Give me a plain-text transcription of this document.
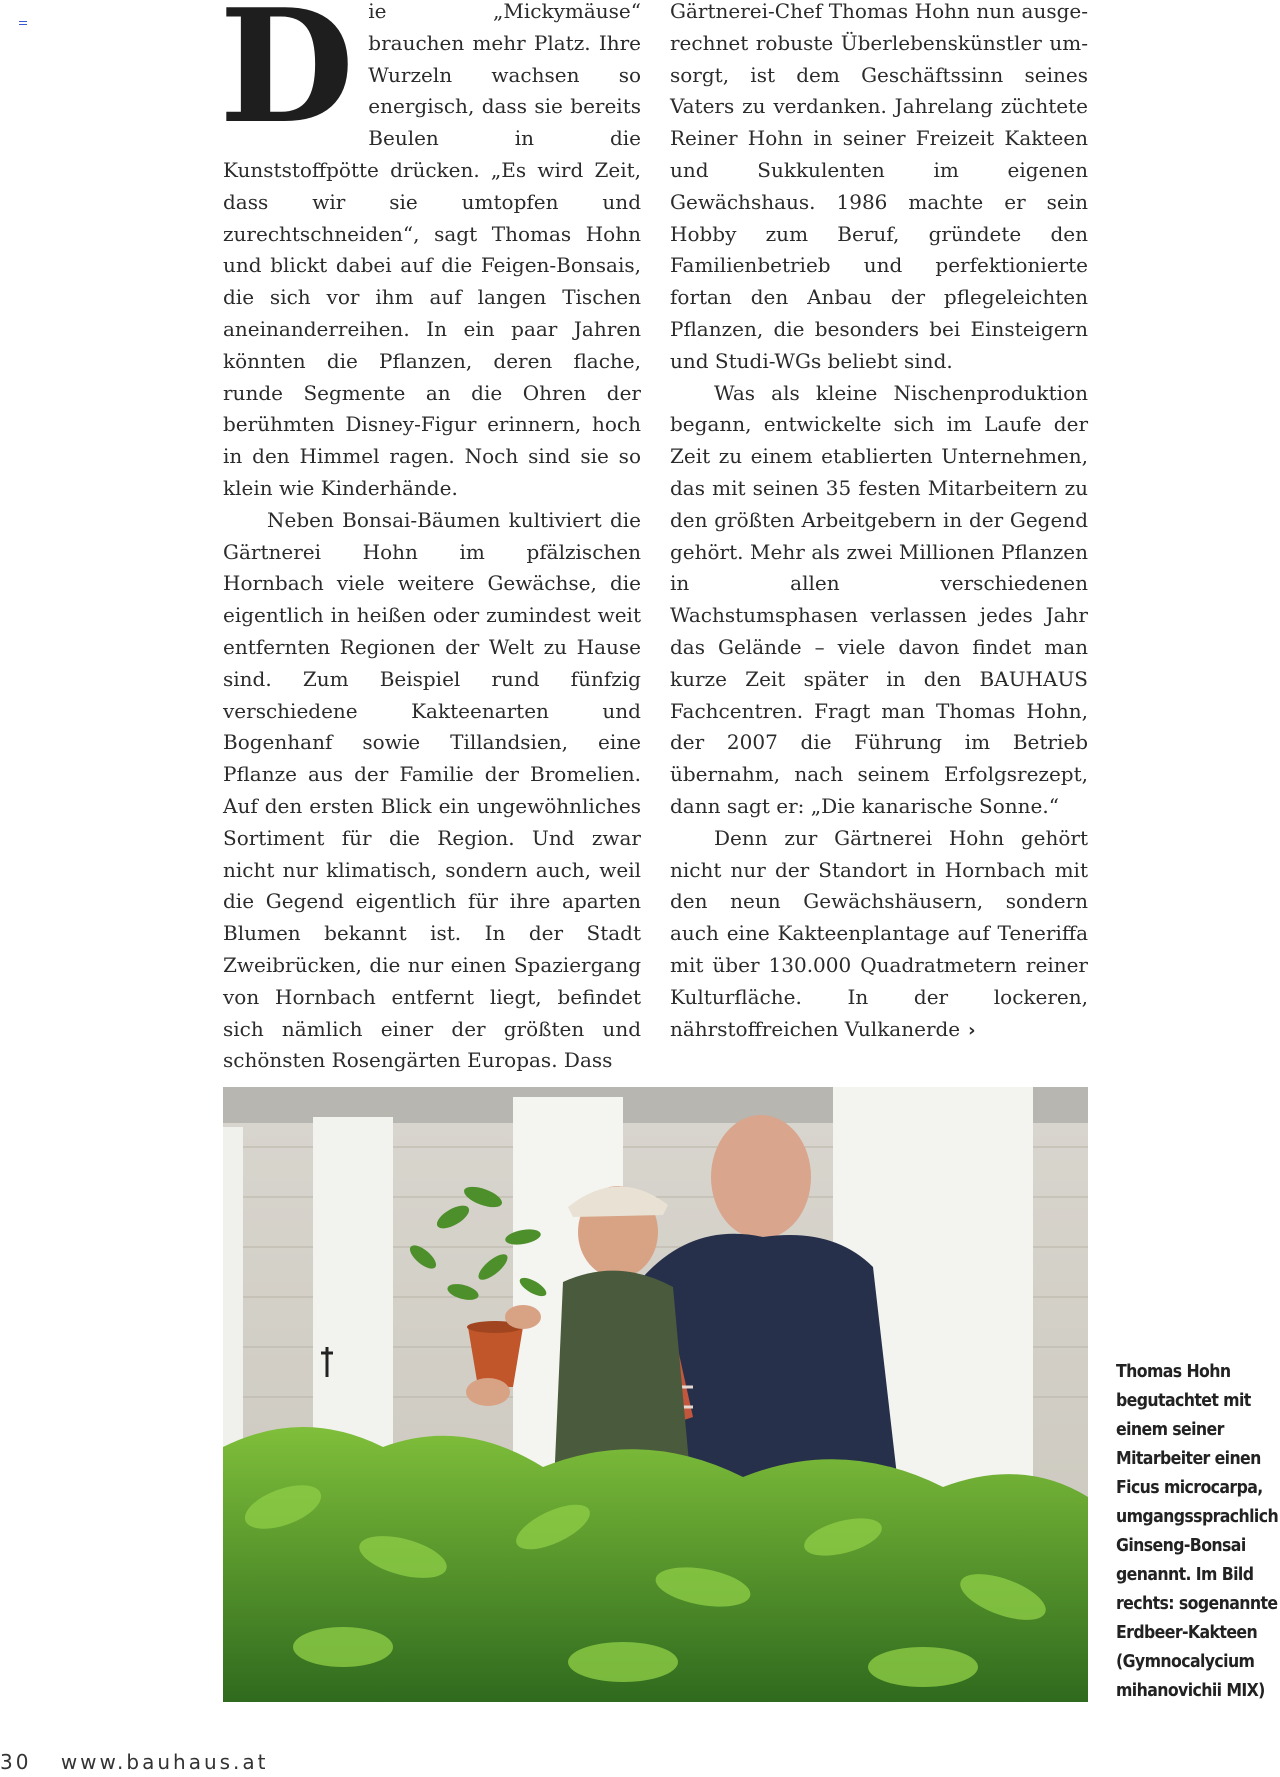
Die „Mickymäuse“ brauchen mehr Platz. Ihre Wurzeln wachsen so energisch, dass sie bereits Beulen in die Kunststoffpötte drücken. „Es wird Zeit, dass wir sie umtopfen und zurechtschneiden“, sagt Thomas Hohn und blickt dabei auf die Feigen-Bonsais, die sich vor ihm auf langen Tischen aneinanderreihen. In ein paar Jahren könnten die Pflanzen, deren flache, runde Segmente an die Ohren der berühmten Disney-Figur erinnern, hoch in den Himmel ragen. Noch sind sie so klein wie Kinderhände.

Neben Bonsai-Bäumen kultiviert die Gärtnerei Hohn im pfälzischen Hornbach viele weitere Gewächse, die eigentlich in heißen oder zumindest weit entfernten Regionen der Welt zu Hause sind. Zum Beispiel rund fünfzig verschiedene Kakteenarten und Bogenhanf sowie Tillandsien, eine Pflanze aus der Familie der Bromelien. Auf den ersten Blick ein ungewöhnliches Sortiment für die Region. Und zwar nicht nur klimatisch, sondern auch, weil die Gegend eigentlich für ihre aparten Blumen bekannt ist. In der Stadt Zweibrücken, die nur einen Spaziergang von Hornbach entfernt liegt, befindet sich nämlich einer der größten und schönsten Rosengärten Europas. Dass

Gärtnerei-Chef Thomas Hohn nun ausgerechnet robuste Überlebenskünstler umsorgt, ist dem Geschäftssinn seines Vaters zu verdanken. Jahrelang züchtete Reiner Hohn in seiner Freizeit Kakteen und Sukkulenten im eigenen Gewächshaus. 1986 machte er sein Hobby zum Beruf, gründete den Familienbetrieb und perfektionierte fortan den Anbau der pflegeleichten Pflanzen, die besonders bei Einsteigern und Studi-WGs beliebt sind.

Was als kleine Nischenproduktion begann, entwickelte sich im Laufe der Zeit zu einem etablierten Unternehmen, das mit seinen 35 festen Mitarbeitern zu den größten Arbeitgebern in der Gegend gehört. Mehr als zwei Millionen Pflanzen in allen verschiedenen Wachstumsphasen verlassen jedes Jahr das Gelände – viele davon findet man kurze Zeit später in den BAUHAUS Fachcentren. Fragt man Thomas Hohn, der 2007 die Führung im Betrieb übernahm, nach seinem Erfolgsrezept, dann sagt er: „Die kanarische Sonne.“

Denn zur Gärtnerei Hohn gehört nicht nur der Standort in Hornbach mit den neun Gewächshäusern, sondern auch eine Kakteenplantage auf Teneriffa mit über 130.000 Quadratmetern reiner Kulturfläche. In der lockeren, nährstoffreichen Vulkanerde ›

Thomas Hohn begutachtet mit einem seiner Mitarbeiter einen Ficus microcarpa, umgangssprachlich Ginseng-Bonsai genannt. Im Bild rechts: sogenannte Erdbeer-Kakteen (Gymnocalycium mihanovichii MIX)
30 www.bauhaus.at
